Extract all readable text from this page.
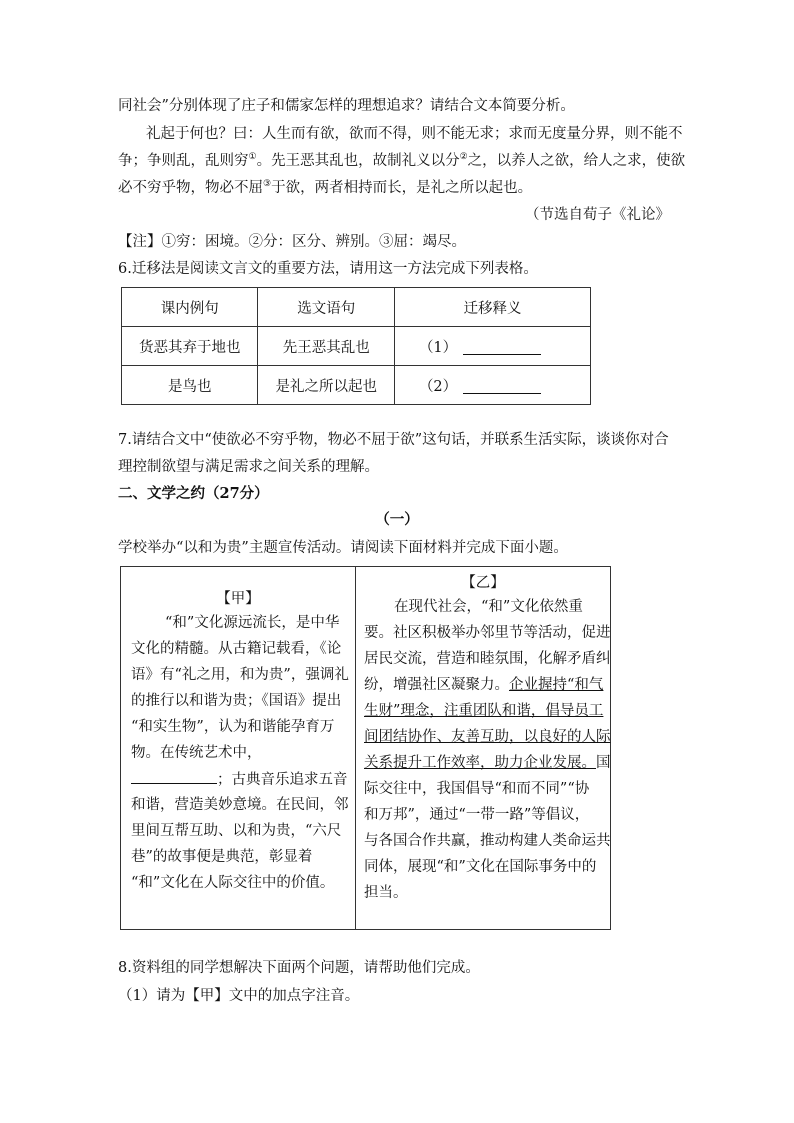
同社会”分别体现了庄子和儒家怎样的理想追求？请结合文本简要分析。
礼起于何也？曰：人生而有欲，欲而不得，则不能无求；求而无度量分界，则不能不
争；争则乱，乱则穷①。先王恶其乱也，故制礼义以分②之，以养人之欲，给人之求，使欲
必不穷乎物，物必不屈③于欲，两者相持而长，是礼之所以起也。
（节选自荀子《礼论》
【注】①穷：困境。②分：区分、辨别。③屈：竭尽。
6.迁移法是阅读文言文的重要方法，请用这一方法完成下列表格。
课内例句	选文语句	迁移释义
货恶其弃于地也	先王恶其乱也	（1）
是鸟也	是礼之所以起也	（2）
7.请结合文中“使欲必不穷乎物，物必不屈于欲”这句话，并联系生活实际，谈谈你对合
理控制欲望与满足需求之间关系的理解。
二、文学之约（27分）
（一）
学校举办“以和为贵”主题宣传活动。请阅读下面材料并完成下面小题。
【甲】
“和”文化源远流长，是中华
文化的精髓。从古籍记载看，《论
语》有“礼之用，和为贵”，强调礼
的推行以和谐为贵；《国语》提出
“和实生物”，认为和谐能孕育万
物。在传统艺术中，
；古典音乐追求五音
和谐，营造美妙意境。在民间，邻
里间互帮互助、以和为贵，“六尺
巷”的故事便是典范，彰显着
“和”文化在人际交往中的价值。
【乙】
在现代社会，“和”文化依然重
要。社区积极举办邻里节等活动，促进
居民交流，营造和睦氛围，化解矛盾纠
纷，增强社区凝聚力。企业握持“和气
生财”理念，注重团队和谐，倡导员工
间团结协作、友善互助，以良好的人际
关系提升工作效率，助力企业发展。国
际交往中，我国倡导“和而不同”“协
和万邦”，通过“一带一路”等倡议，
与各国合作共赢，推动构建人类命运共
同体，展现“和”文化在国际事务中的
担当。
8.资料组的同学想解决下面两个问题，请帮助他们完成。
（1）请为【甲】文中的加点字注音。
